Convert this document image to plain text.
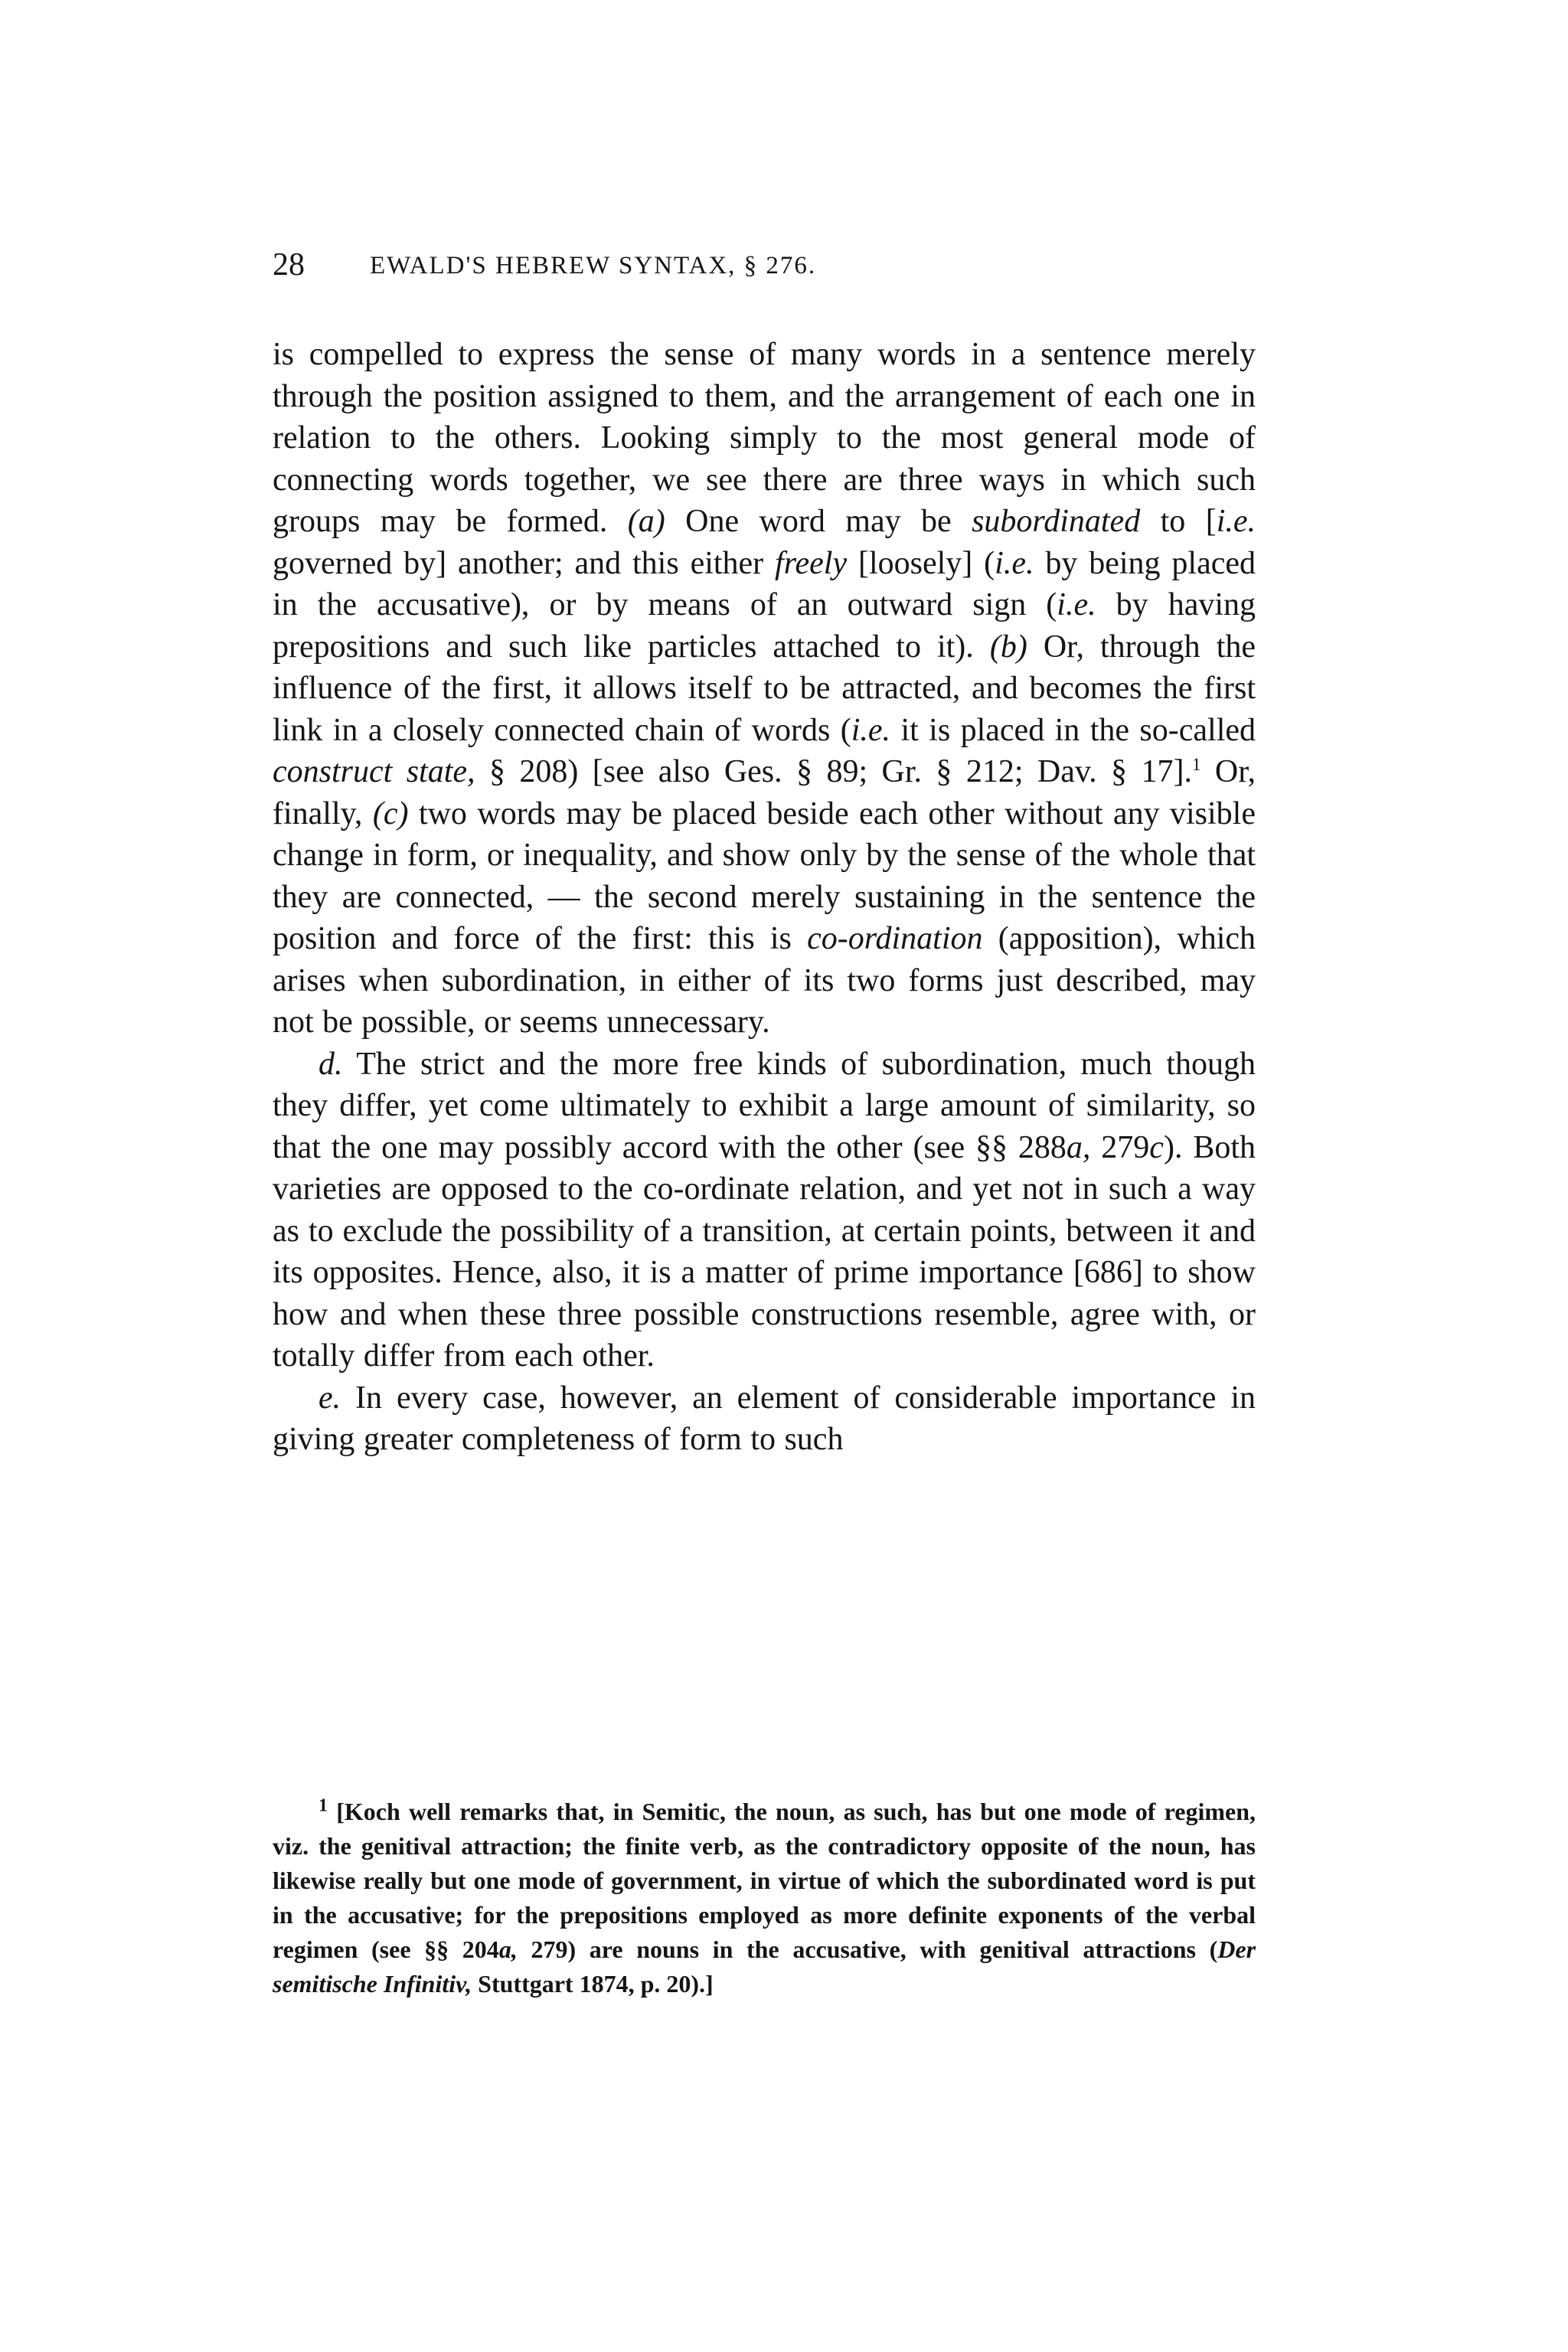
28	EWALD'S HEBREW SYNTAX, § 276.

is compelled to express the sense of many words in a sentence merely through the position assigned to them, and the arrangement of each one in relation to the others. Looking simply to the most general mode of connecting words together, we see there are three ways in which such groups may be formed. (a) One word may be subordinated to [i.e. governed by] another; and this either freely [loosely] (i.e. by being placed in the accusative), or by means of an outward sign (i.e. by having prepositions and such like particles attached to it). (b) Or, through the influence of the first, it allows itself to be attracted, and becomes the first link in a closely connected chain of words (i.e. it is placed in the so-called construct state, § 208) [see also Ges. § 89; Gr. § 212; Dav. § 17].$^1$ Or, finally, (c) two words may be placed beside each other without any visible change in form, or inequality, and show only by the sense of the whole that they are connected, — the second merely sustaining in the sentence the position and force of the first: this is co-ordination (apposition), which arises when subordination, in either of its two forms just described, may not be possible, or seems unnecessary.

d. The strict and the more free kinds of subordination, much though they differ, yet come ultimately to exhibit a large amount of similarity, so that the one may possibly accord with the other (see §§ 288a, 279c). Both varieties are opposed to the co-ordinate relation, and yet not in such a way as to exclude the possibility of a transition, at certain points, between it and its opposites. Hence, also, it is a matter of prime importance [686] to show how and when these three possible constructions resemble, agree with, or totally differ from each other.

e. In every case, however, an element of considerable importance in giving greater completeness of form to such

$^1$ [Koch well remarks that, in Semitic, the noun, as such, has but one mode of regimen, viz. the genitival attraction; the finite verb, as the contradictory opposite of the noun, has likewise really but one mode of government, in virtue of which the subordinated word is put in the accusative; for the prepositions employed as more definite exponents of the verbal regimen (see §§ 204a, 279) are nouns in the accusative, with genitival attractions (Der semitische Infinitiv, Stuttgart 1874, p. 20).]
